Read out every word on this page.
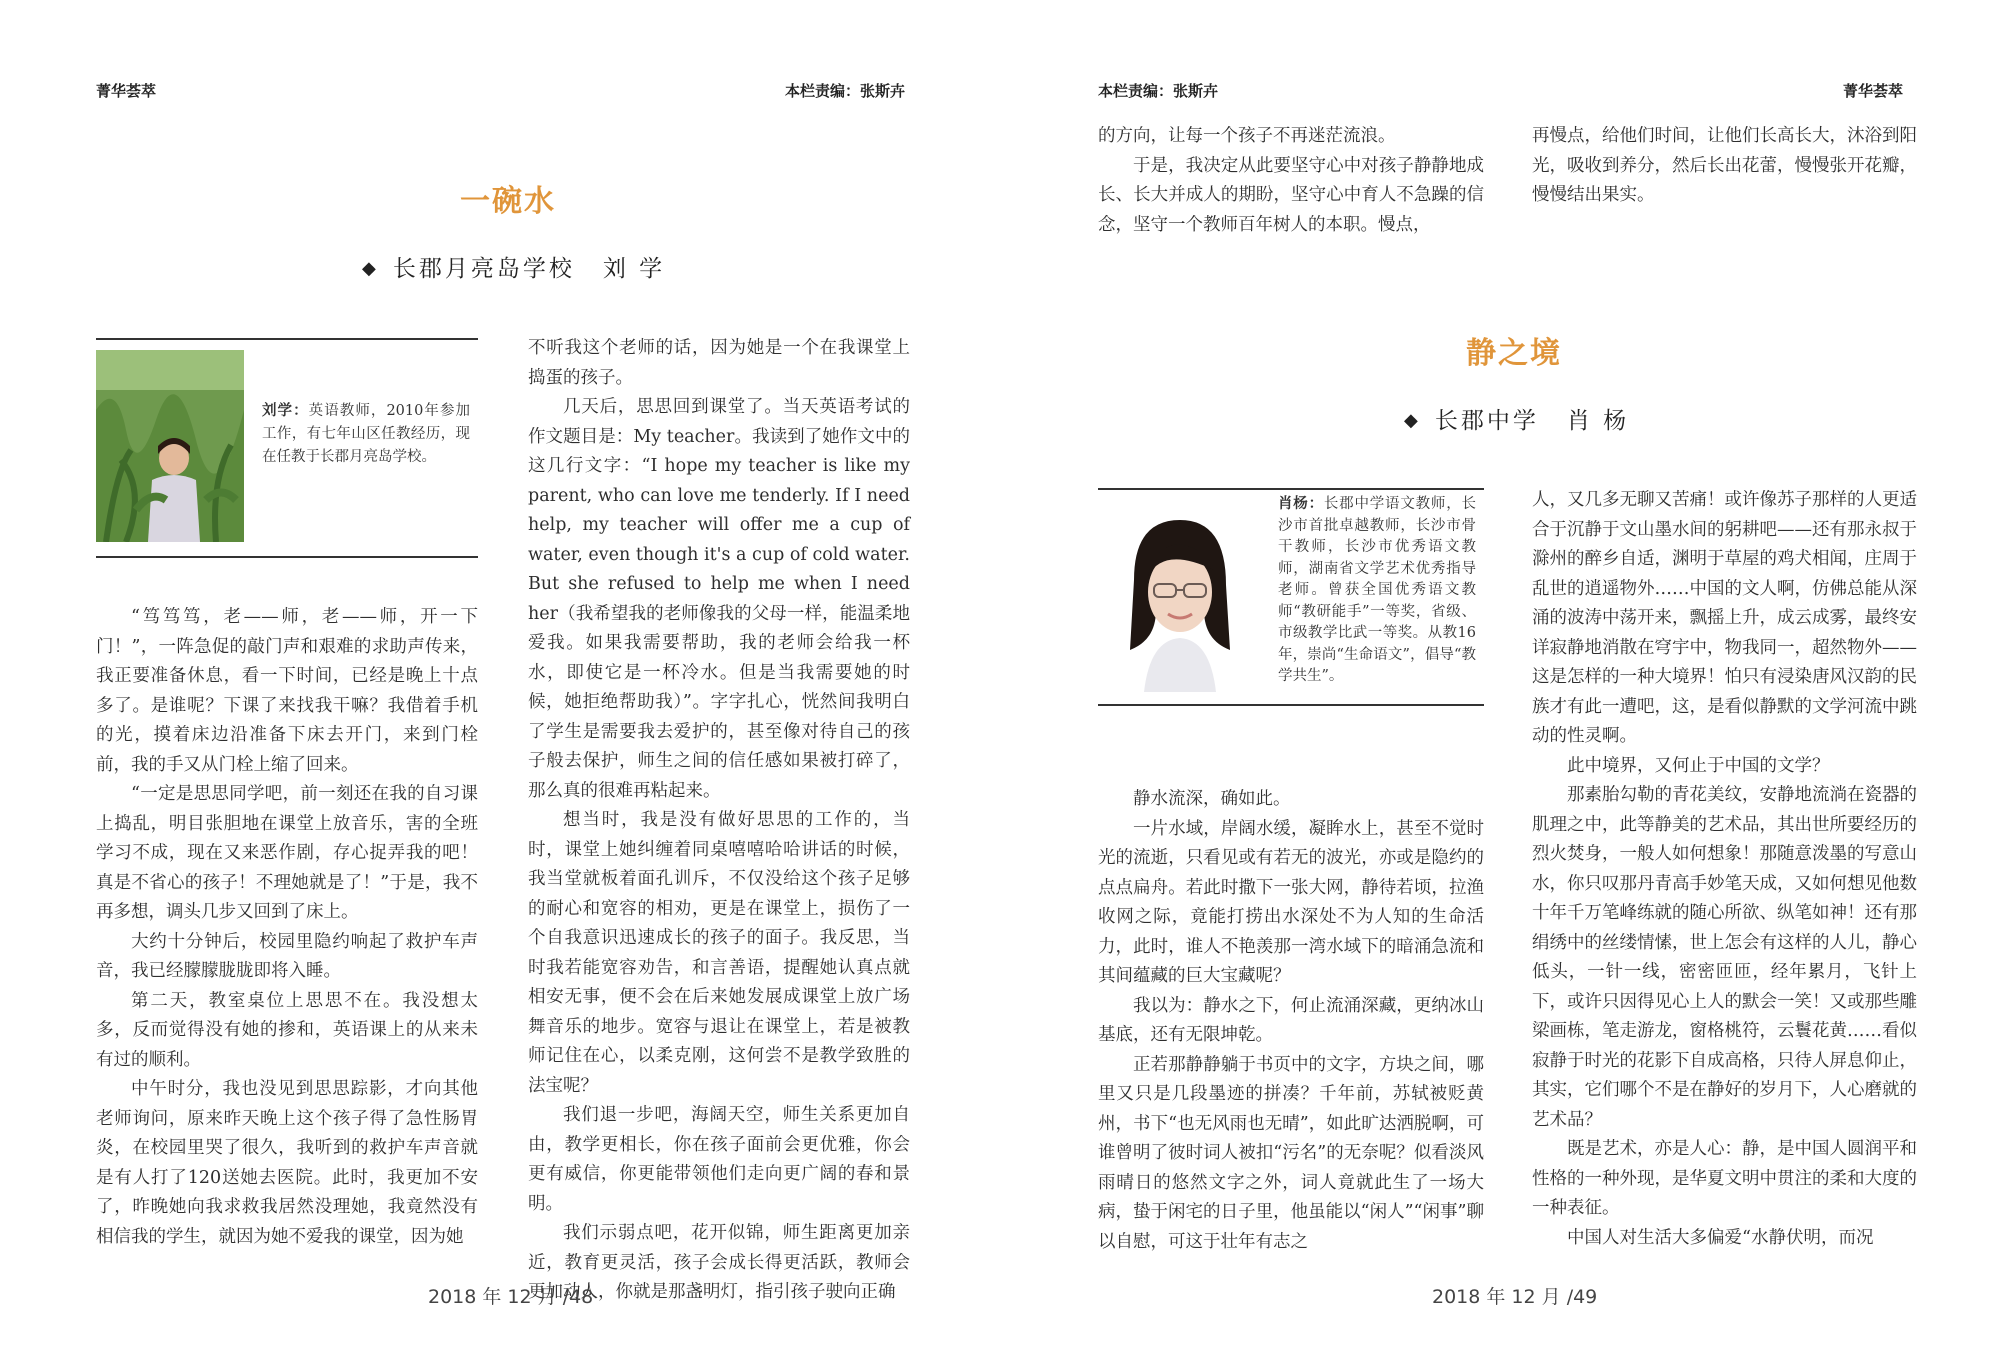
菁华荟萃	本栏责编：张斯卉
一碗水
◆ 长郡月亮岛学校 刘 学
刘学：英语教师，2010年参加工作，有七年山区任教经历，现在任教于长郡月亮岛学校。

“笃笃笃，老——师，老——师，开一下门！”，一阵急促的敲门声和艰难的求助声传来，我正要准备休息，看一下时间，已经是晚上十点多了。是谁呢？下课了来找我干嘛？我借着手机的光，摸着床边沿准备下床去开门，来到门栓前，我的手又从门栓上缩了回来。

“一定是思思同学吧，前一刻还在我的自习课上捣乱，明目张胆地在课堂上放音乐，害的全班学习不成，现在又来恶作剧，存心捉弄我的吧！真是不省心的孩子！不理她就是了！”于是，我不再多想，调头几步又回到了床上。

大约十分钟后，校园里隐约响起了救护车声音，我已经朦朦胧胧即将入睡。

第二天，教室桌位上思思不在。我没想太多，反而觉得没有她的掺和，英语课上的从来未有过的顺利。

中午时分，我也没见到思思踪影，才向其他老师询问，原来昨天晚上这个孩子得了急性肠胃炎，在校园里哭了很久，我听到的救护车声音就是有人打了120送她去医院。此时，我更加不安了，昨晚她向我求救我居然没理她，我竟然没有相信我的学生，就因为她不爱我的课堂，因为她

不听我这个老师的话，因为她是一个在我课堂上捣蛋的孩子。

几天后，思思回到课堂了。当天英语考试的作文题目是：My teacher。我读到了她作文中的这几行文字：“I hope my teacher is like my parent, who can love me tenderly. If I need help, my teacher will offer me a cup of water, even though it's a cup of cold water. But she refused to help me when I need her（我希望我的老师像我的父母一样，能温柔地爱我。如果我需要帮助，我的老师会给我一杯水，即使它是一杯冷水。但是当我需要她的时候，她拒绝帮助我）”。字字扎心，恍然间我明白了学生是需要我去爱护的，甚至像对待自己的孩子般去保护，师生之间的信任感如果被打碎了，那么真的很难再粘起来。

想当时，我是没有做好思思的工作的，当时，课堂上她纠缠着同桌嘻嘻哈哈讲话的时候，我当堂就板着面孔训斥，不仅没给这个孩子足够的耐心和宽容的相劝，更是在课堂上，损伤了一个自我意识迅速成长的孩子的面子。我反思，当时我若能宽容劝告，和言善语，提醒她认真点就相安无事，便不会在后来她发展成课堂上放广场舞音乐的地步。宽容与退让在课堂上，若是被教师记住在心，以柔克刚，这何尝不是教学致胜的法宝呢？

我们退一步吧，海阔天空，师生关系更加自由，教学更相长，你在孩子面前会更优雅，你会更有威信，你更能带领他们走向更广阔的春和景明。

我们示弱点吧，花开似锦，师生距离更加亲近，教育更灵活，孩子会成长得更活跃，教师会更加动人，你就是那盏明灯，指引孩子驶向正确

2018 年 12 月 /48
本栏责编：张斯卉	菁华荟萃

的方向，让每一个孩子不再迷茫流浪。

于是，我决定从此要坚守心中对孩子静静地成长、长大并成人的期盼，坚守心中育人不急躁的信念，坚守一个教师百年树人的本职。慢点，

再慢点，给他们时间，让他们长高长大，沐浴到阳光，吸收到养分，然后长出花蕾，慢慢张开花瓣，慢慢结出果实。

静之境
◆ 长郡中学 肖 杨
肖杨：长郡中学语文教师，长沙市首批卓越教师，长沙市骨干教师，长沙市优秀语文教师，湖南省文学艺术优秀指导老师。曾获全国优秀语文教师“教研能手”一等奖，省级、市级教学比武一等奖。从教16年，崇尚“生命语文”，倡导“教学共生”。

静水流深，确如此。

一片水域，岸阔水缓，凝眸水上，甚至不觉时光的流逝，只看见或有若无的波光，亦或是隐约的点点扁舟。若此时撒下一张大网，静待若顷，拉渔收网之际，竟能打捞出水深处不为人知的生命活力，此时，谁人不艳羡那一湾水域下的暗涌急流和其间蕴藏的巨大宝藏呢？

我以为：静水之下，何止流涌深藏，更纳冰山基底，还有无限坤乾。

正若那静静躺于书页中的文字，方块之间，哪里又只是几段墨迹的拼凑？千年前，苏轼被贬黄州，书下“也无风雨也无晴”，如此旷达洒脱啊，可谁曾明了彼时词人被扣“污名”的无奈呢？似看淡风雨晴日的悠然文字之外，词人竟就此生了一场大病，蛰于闲宅的日子里，他虽能以“闲人”“闲事”聊以自慰，可这于壮年有志之

人，又几多无聊又苦痛！或许像苏子那样的人更适合于沉静于文山墨水间的躬耕吧——还有那永叔于滁州的醉乡自适，渊明于草屋的鸡犬相闻，庄周于乱世的逍遥物外……中国的文人啊，仿佛总能从深涌的波涛中荡开来，飘摇上升，成云成雾，最终安详寂静地消散在穹宇中，物我同一，超然物外——这是怎样的一种大境界！怕只有浸染唐风汉韵的民族才有此一遭吧，这，是看似静默的文学河流中跳动的性灵啊。

此中境界，又何止于中国的文学？

那素胎勾勒的青花美纹，安静地流淌在瓷器的肌理之中，此等静美的艺术品，其出世所要经历的烈火焚身，一般人如何想象！那随意泼墨的写意山水，你只叹那丹青高手妙笔天成，又如何想见他数十年千万笔峰练就的随心所欲、纵笔如神！还有那绢绣中的丝缕情愫，世上怎会有这样的人儿，静心低头，一针一线，密密匝匝，经年累月，飞针上下，或许只因得见心上人的默会一笑！又或那些雕梁画栋，笔走游龙，窗格桃符，云鬟花黄……看似寂静于时光的花影下自成高格，只待人屏息仰止，其实，它们哪个不是在静好的岁月下，人心磨就的艺术品？

既是艺术，亦是人心：静，是中国人圆润平和性格的一种外现，是华夏文明中贯注的柔和大度的一种表征。

中国人对生活大多偏爱“水静伏明，而况

2018 年 12 月 /49
